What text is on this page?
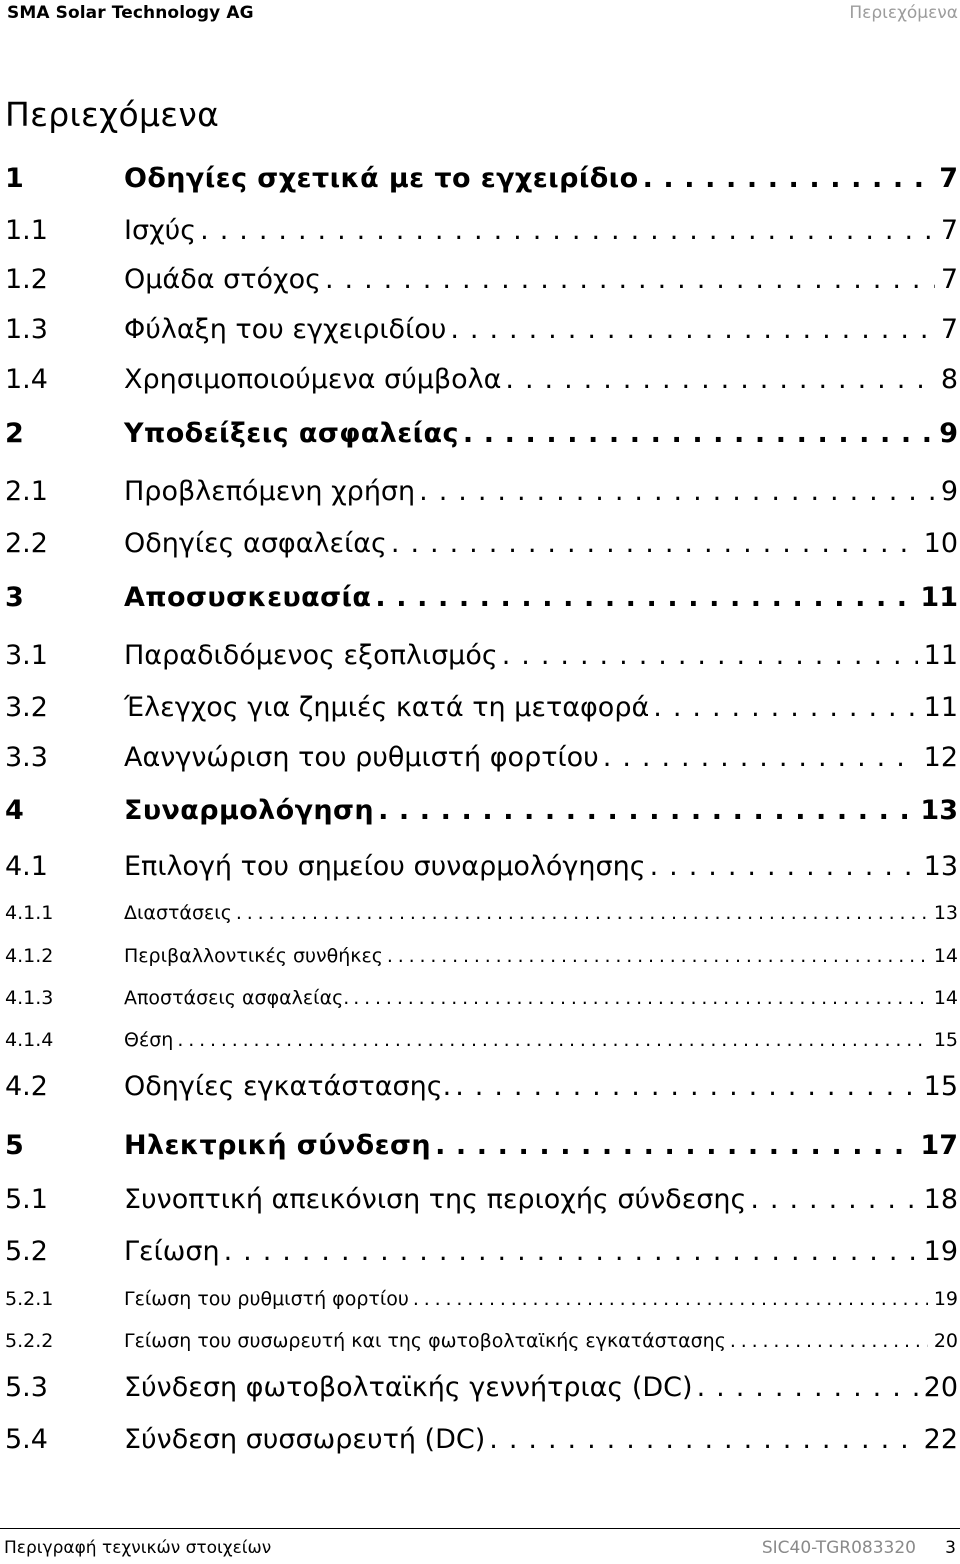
SMA Solar Technology AG	Περιεχόμενα
Περιεχόμενα
1	Οδηγίες σχετικά με το εγχειρίδιο . . .	7
1.1	Ισχύς . . .	7
1.2	Ομάδα στόχος . . .	7
1.3	Φύλαξη του εγχειριδίου . . .	7
1.4	Χρησιμοποιούμενα σύμβολα . . .	8
2	Υποδείξεις ασφαλείας . . .	9
2.1	Προβλεπόμενη χρήση . . .	9
2.2	Οδηγίες ασφαλείας . . .	10
3	Αποσυσκευασία . . .	11
3.1	Παραδιδόμενος εξοπλισμός . . .	11
3.2	Έλεγχος για ζημιές κατά τη μεταφορά . . .	11
3.3	Αανγνώριση του ρυθμιστή φορτίου . . .	12
4	Συναρμολόγηση . . .	13
4.1	Επιλογή του σημείου συναρμολόγησης . . .	13
4.1.1	Διαστάσεις . . .	13
4.1.2	Περιβαλλοντικές συνθήκες . . .	14
4.1.3	Αποστάσεις ασφαλείας. . . .	14
4.1.4	Θέση . . .	15
4.2	Οδηγίες εγκατάστασης. . . .	15
5	Ηλεκτρική σύνδεση . . .	17
5.1	Συνοπτική απεικόνιση της περιοχής σύνδεσης . . .	18
5.2	Γείωση . . .	19
5.2.1	Γείωση του ρυθμιστή φορτίου . . .	19
5.2.2	Γείωση του συσωρευτή και της φωτοβολταϊκής εγκατάστασης . . .	20
5.3	Σύνδεση φωτοβολταϊκής γεννήτριας (DC) . . .	20
5.4	Σύνδεση συσσωρευτή (DC) . . .	22
Περιγραφή τεχνικών στοιχείων	SIC40-TGR083320 3
